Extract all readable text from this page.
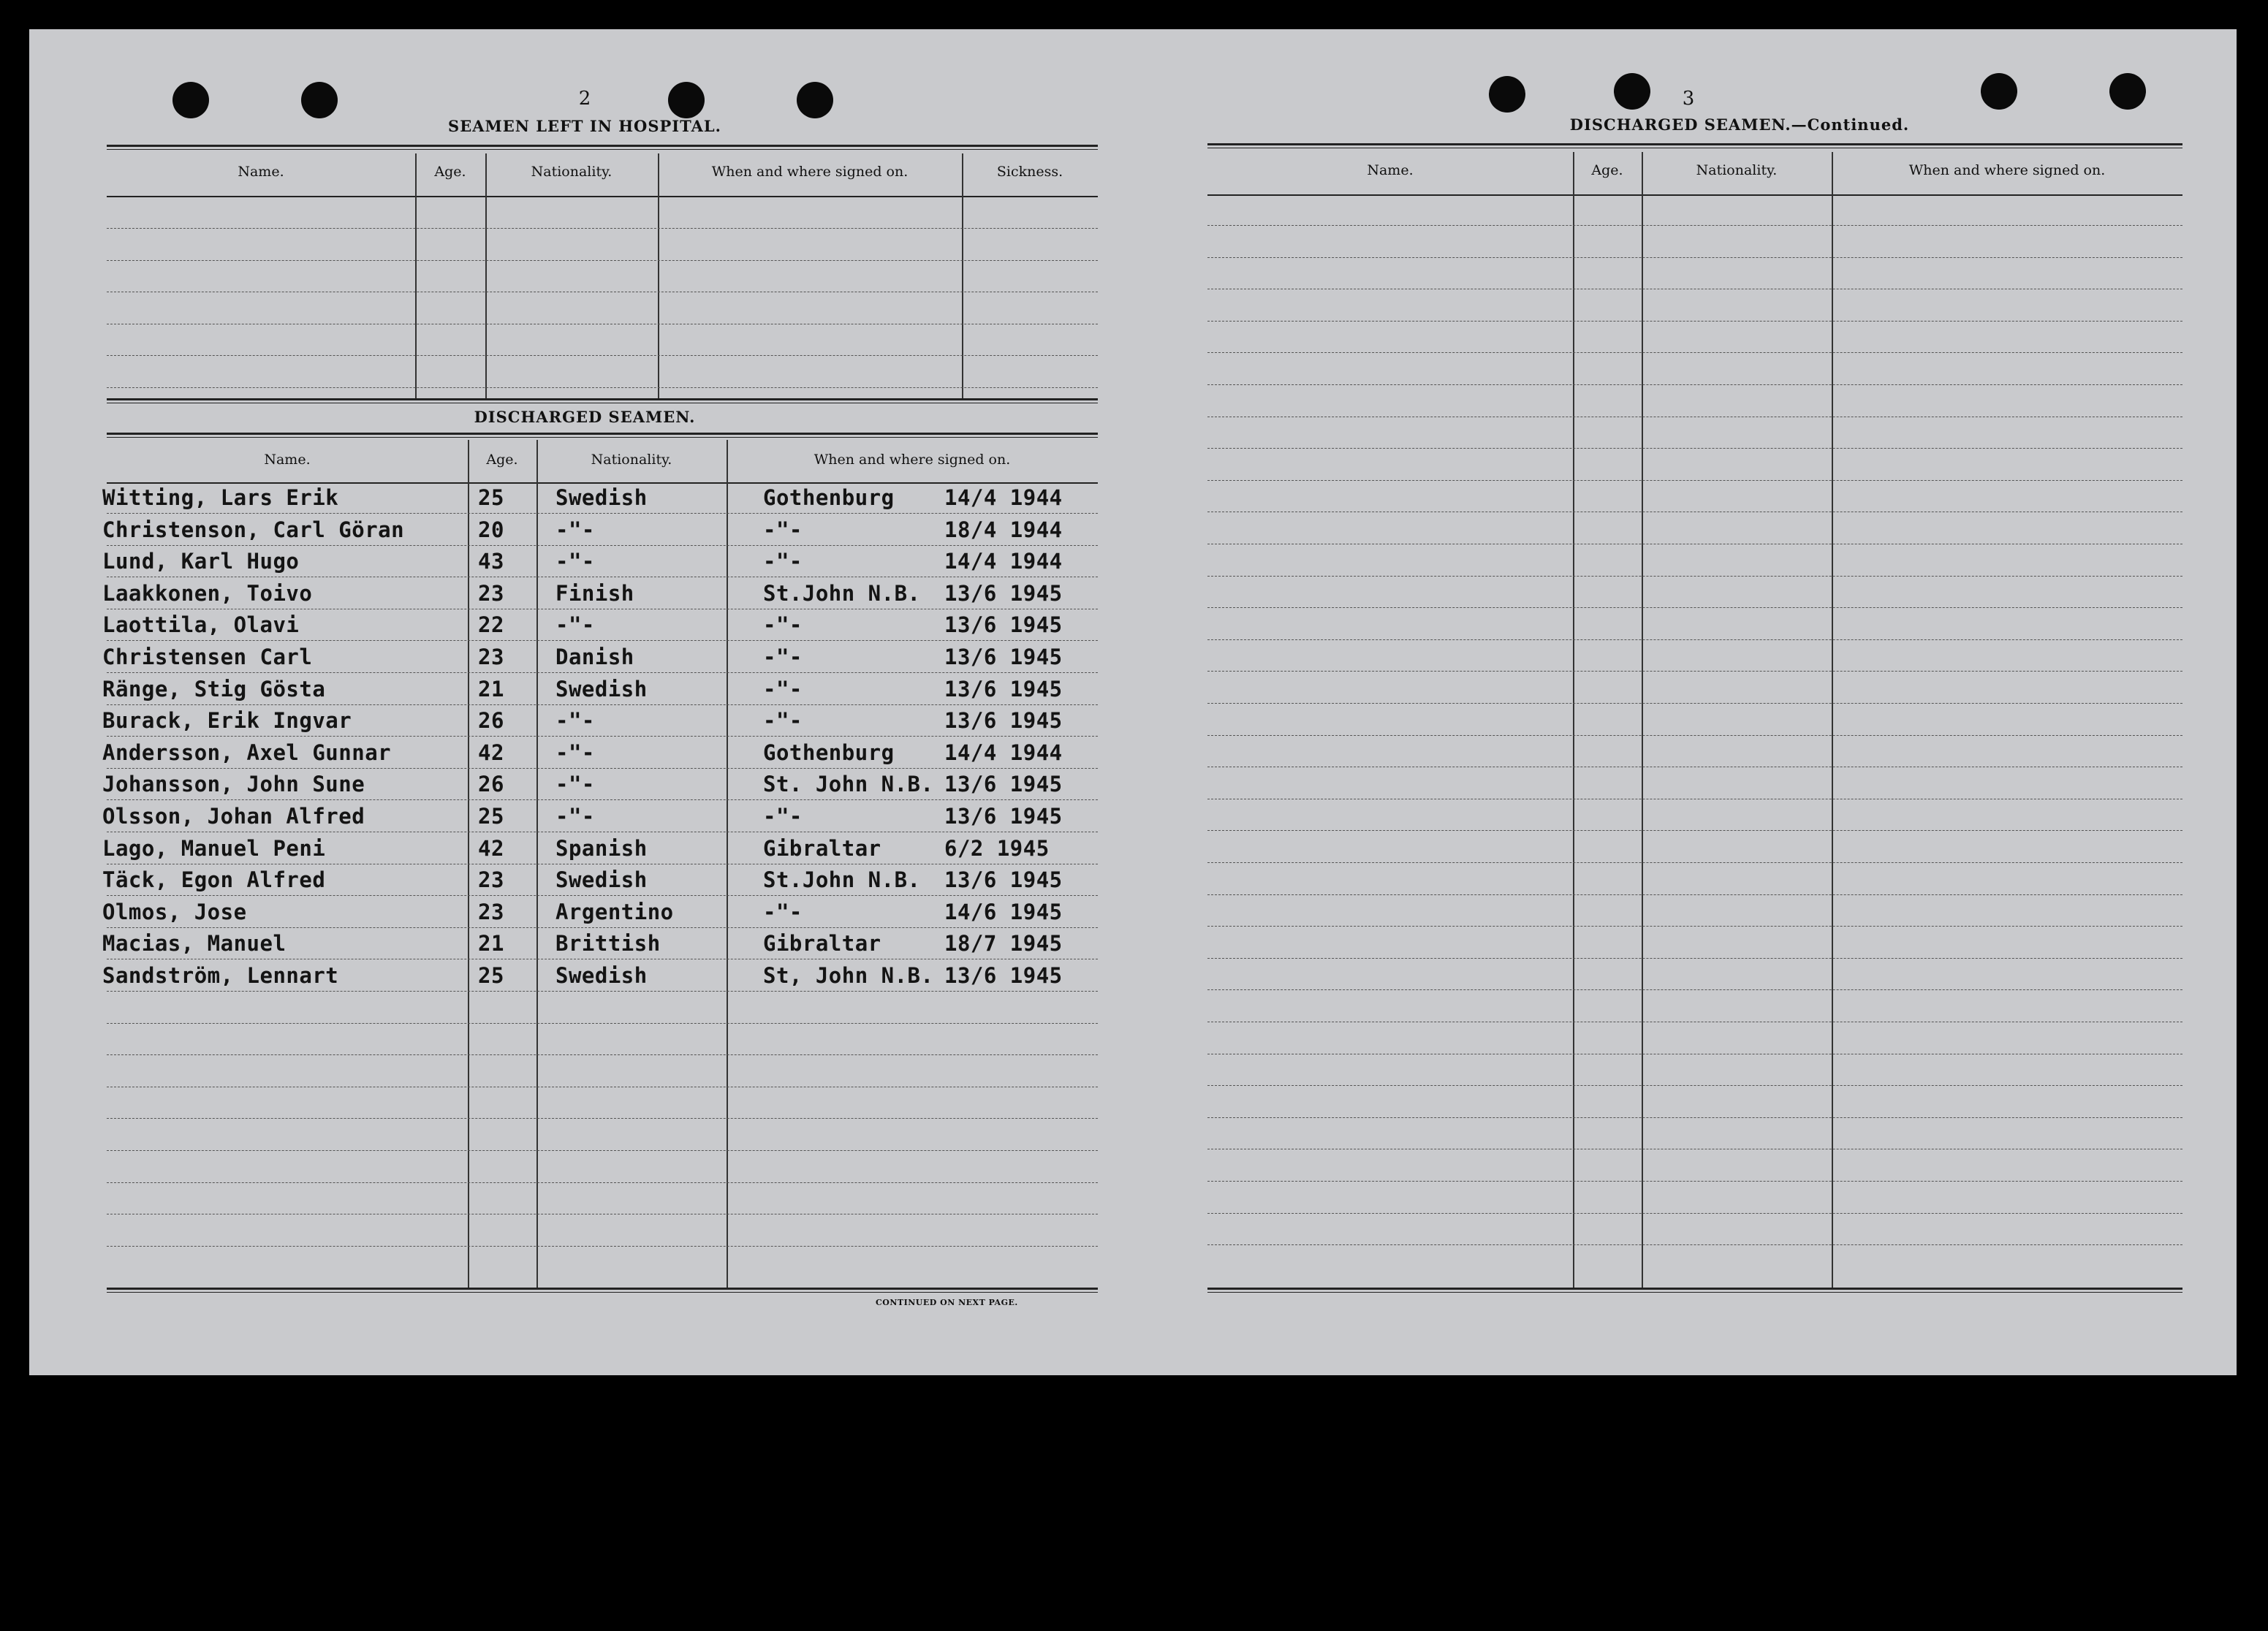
2
SEAMEN LEFT IN HOSPITAL.
Name.	Age.	Nationality.	When and where signed on.	Sickness.
DISCHARGED SEAMEN.
Name.	Age.	Nationality.	When and where signed on.
Witting, Lars Erik	25 Swedish	Gothenburg 14/4 1944
Christenson, Carl Göran	20 -"-	-"-	18/4 1944
Lund, Karl Hugo	43 -"-	-"-	14/4 1944
Laakkonen, Toivo	23 Finish	St.John N.B. 13/6 1945
Laottila, Olavi	22 -"-	-"-	13/6 1945
Christensen Carl	23 Danish	-"-	13/6 1945
Ränge, Stig Gösta	21 Swedish	-"-	13/6 1945
Burack, Erik Ingvar	26 -"-	-"-	13/6 1945
Andersson, Axel Gunnar	42 -"-	Gothenburg 14/4 1944
Johansson, John Sune	26 -"-	St. John N.B. 13/6 1945
Olsson, Johan Alfred	25 -"-	-"-	13/6 1945
Lago, Manuel Peni	42 Spanish	Gibraltar	6/2 1945
Täck, Egon Alfred	23 Swedish	St.John N.B. 13/6 1945
Olmos, Jose	23 Argentino	-"-	14/6 1945
Macias, Manuel	21 Brittish	Gibraltar	18/7 1945
Sandström, Lennart	25 Swedish	St, John N.B. 13/6 1945
CONTINUED ON NEXT PAGE.
3
DISCHARGED SEAMEN.—Continued.
Name.	Age.	Nationality.	When and where signed on.
